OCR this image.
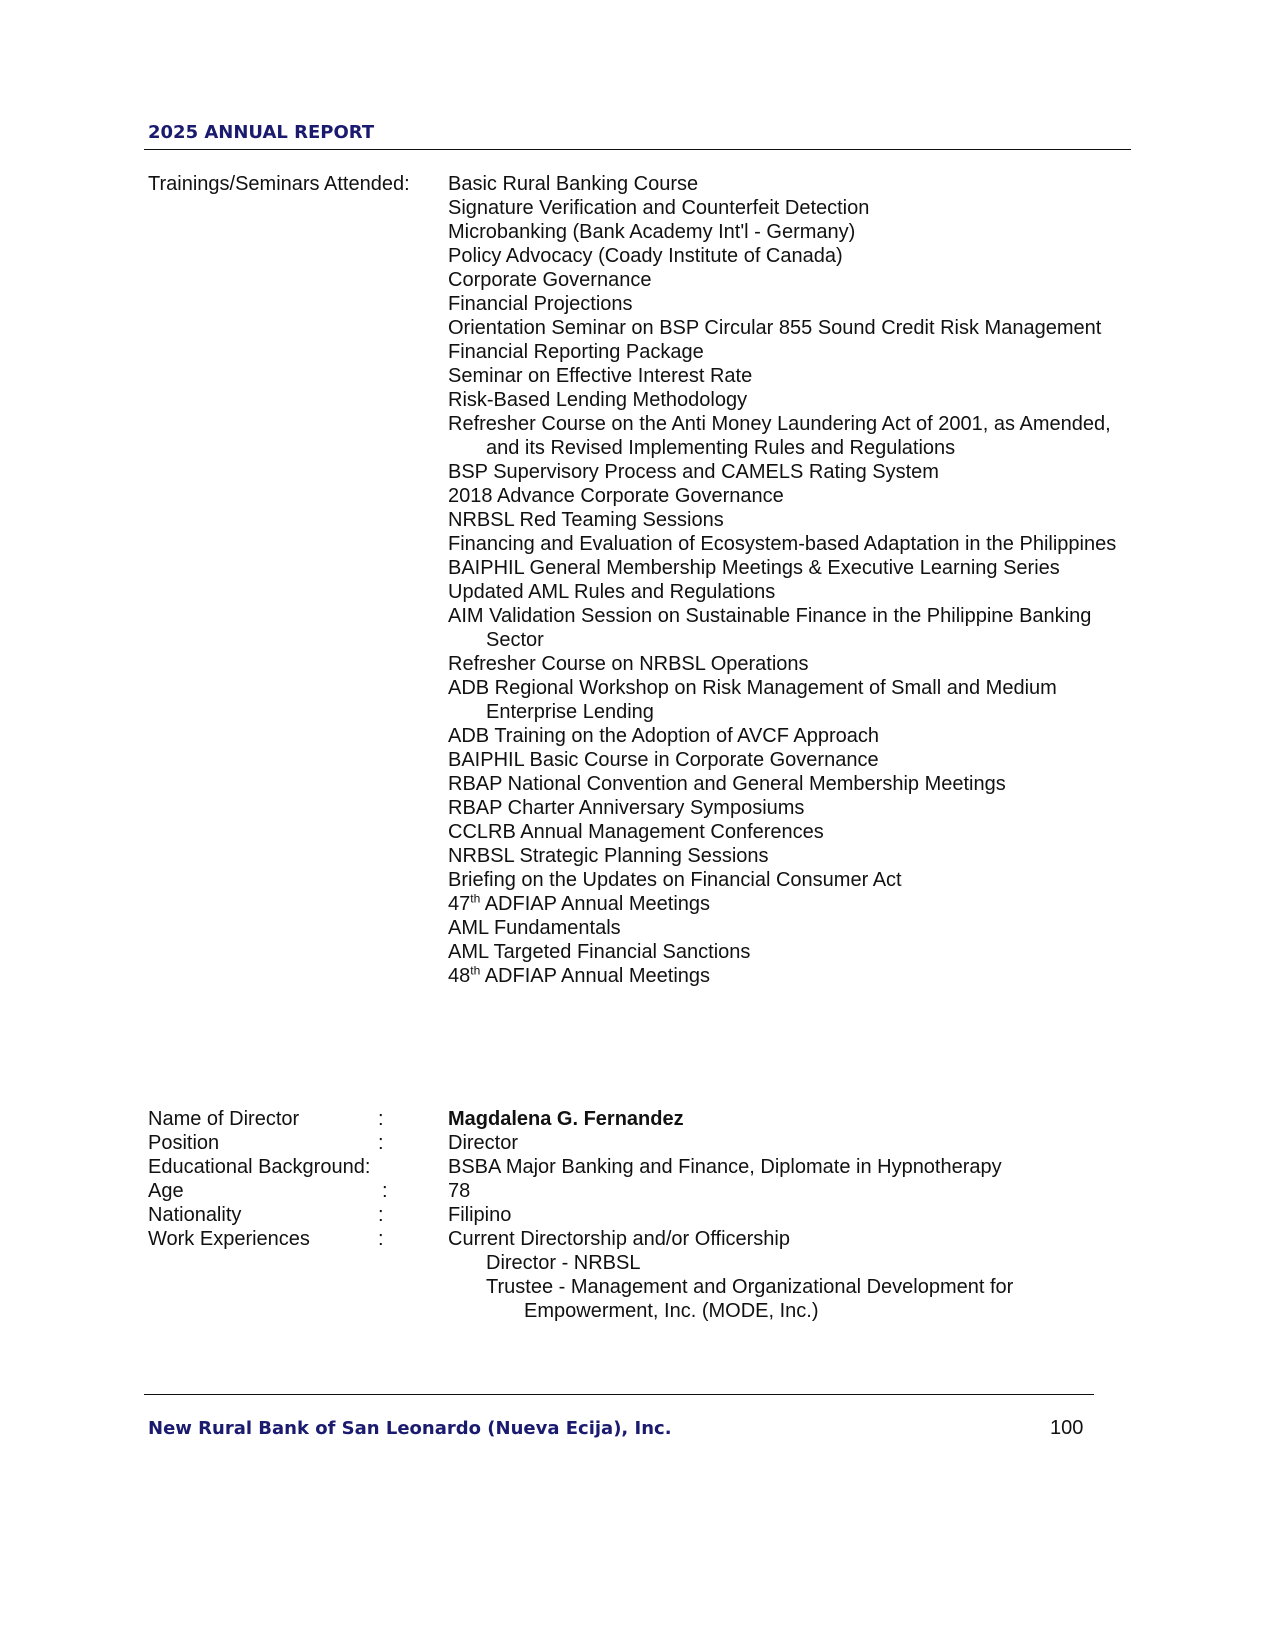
2025 ANNUAL REPORT
Trainings/Seminars Attended: Basic Rural Banking Course
Signature Verification and Counterfeit Detection
Microbanking (Bank Academy Int'l - Germany)
Policy Advocacy (Coady Institute of Canada)
Corporate Governance
Financial Projections
Orientation Seminar on BSP Circular 855 Sound Credit Risk Management
Financial Reporting Package
Seminar on Effective Interest Rate
Risk-Based Lending Methodology
Refresher Course on the Anti Money Laundering Act of 2001, as Amended, and its Revised Implementing Rules and Regulations
BSP Supervisory Process and CAMELS Rating System
2018 Advance Corporate Governance
NRBSL Red Teaming Sessions
Financing and Evaluation of Ecosystem-based Adaptation in the Philippines
BAIPHIL General Membership Meetings & Executive Learning Series
Updated AML Rules and Regulations
AIM Validation Session on Sustainable Finance in the Philippine Banking Sector
Refresher Course on NRBSL Operations
ADB Regional Workshop on Risk Management of Small and Medium Enterprise Lending
ADB Training on the Adoption of AVCF Approach
BAIPHIL Basic Course in Corporate Governance
RBAP National Convention and General Membership Meetings
RBAP Charter Anniversary Symposiums
CCLRB Annual Management Conferences
NRBSL Strategic Planning Sessions
Briefing on the Updates on Financial Consumer Act
47th ADFIAP Annual Meetings
AML Fundamentals
AML Targeted Financial Sanctions
48th ADFIAP Annual Meetings
Name of Director	:	Magdalena G. Fernandez
Position	:	Director
Educational Background:	BSBA Major Banking and Finance, Diplomate in Hypnotherapy
Age	:	78
Nationality	:	Filipino
Work Experiences	:	Current Directorship and/or Officership
Director - NRBSL
Trustee - Management and Organizational Development for Empowerment, Inc. (MODE, Inc.)
New Rural Bank of San Leonardo (Nueva Ecija), Inc.	100
